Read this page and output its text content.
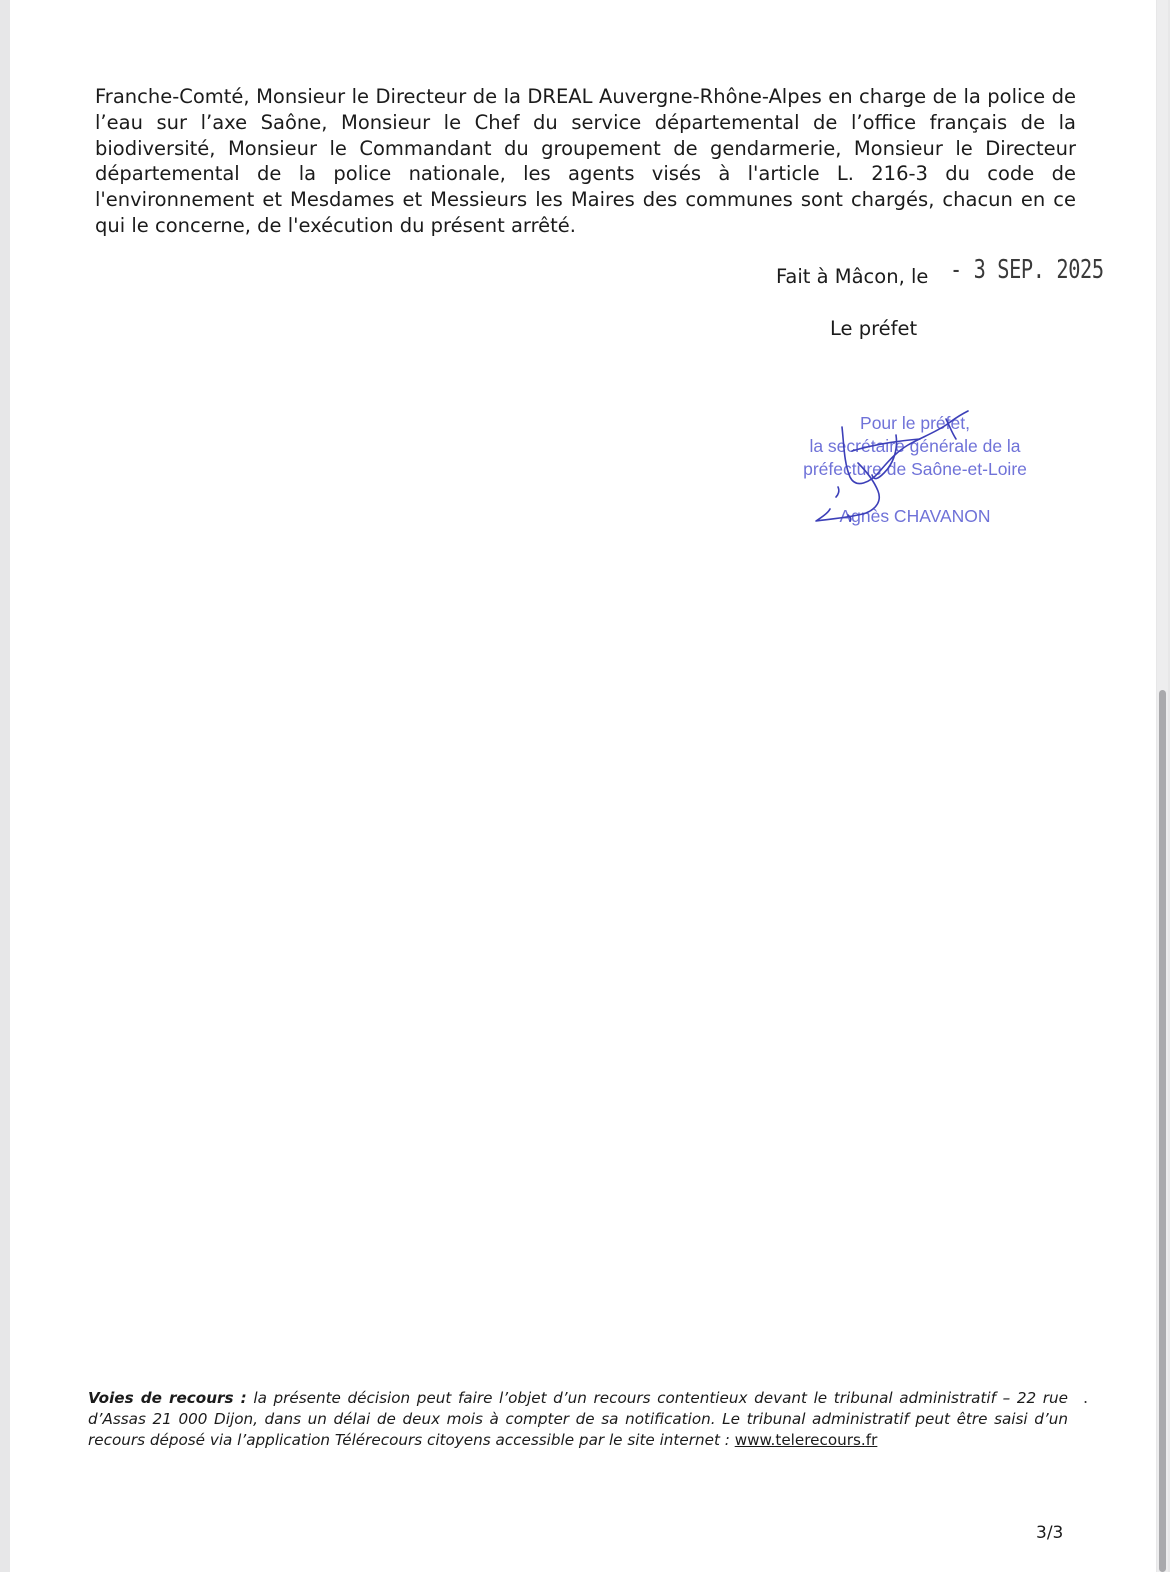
Franche-Comté, Monsieur le Directeur de la DREAL Auvergne-Rhône-Alpes en charge de la police de l’eau sur l’axe Saône, Monsieur le Chef du service départemental de l’office français de la biodiversité, Monsieur le Commandant du groupement de gendarmerie, Monsieur le Directeur départemental de la police nationale, les agents visés à l'article L. 216-3 du code de l'environnement et Mesdames et Messieurs les Maires des communes sont chargés, chacun en ce qui le concerne, de l'exécution du présent arrêté.

Fait à Mâcon, le - 3 SEP. 2025
Le préfet
Pour le préfet,
la secrétaire générale de la
préfecture de Saône-et-Loire
Agnès CHAVANON

Voies de recours : la présente décision peut faire l’objet d’un recours contentieux devant le tribunal administratif – 22 rue d’Assas 21 000 Dijon, dans un délai de deux mois à compter de sa notification. Le tribunal administratif peut être saisi d’un recours déposé via l’application Télérecours citoyens accessible par le site internet : www.telerecours.fr

.
3/3
